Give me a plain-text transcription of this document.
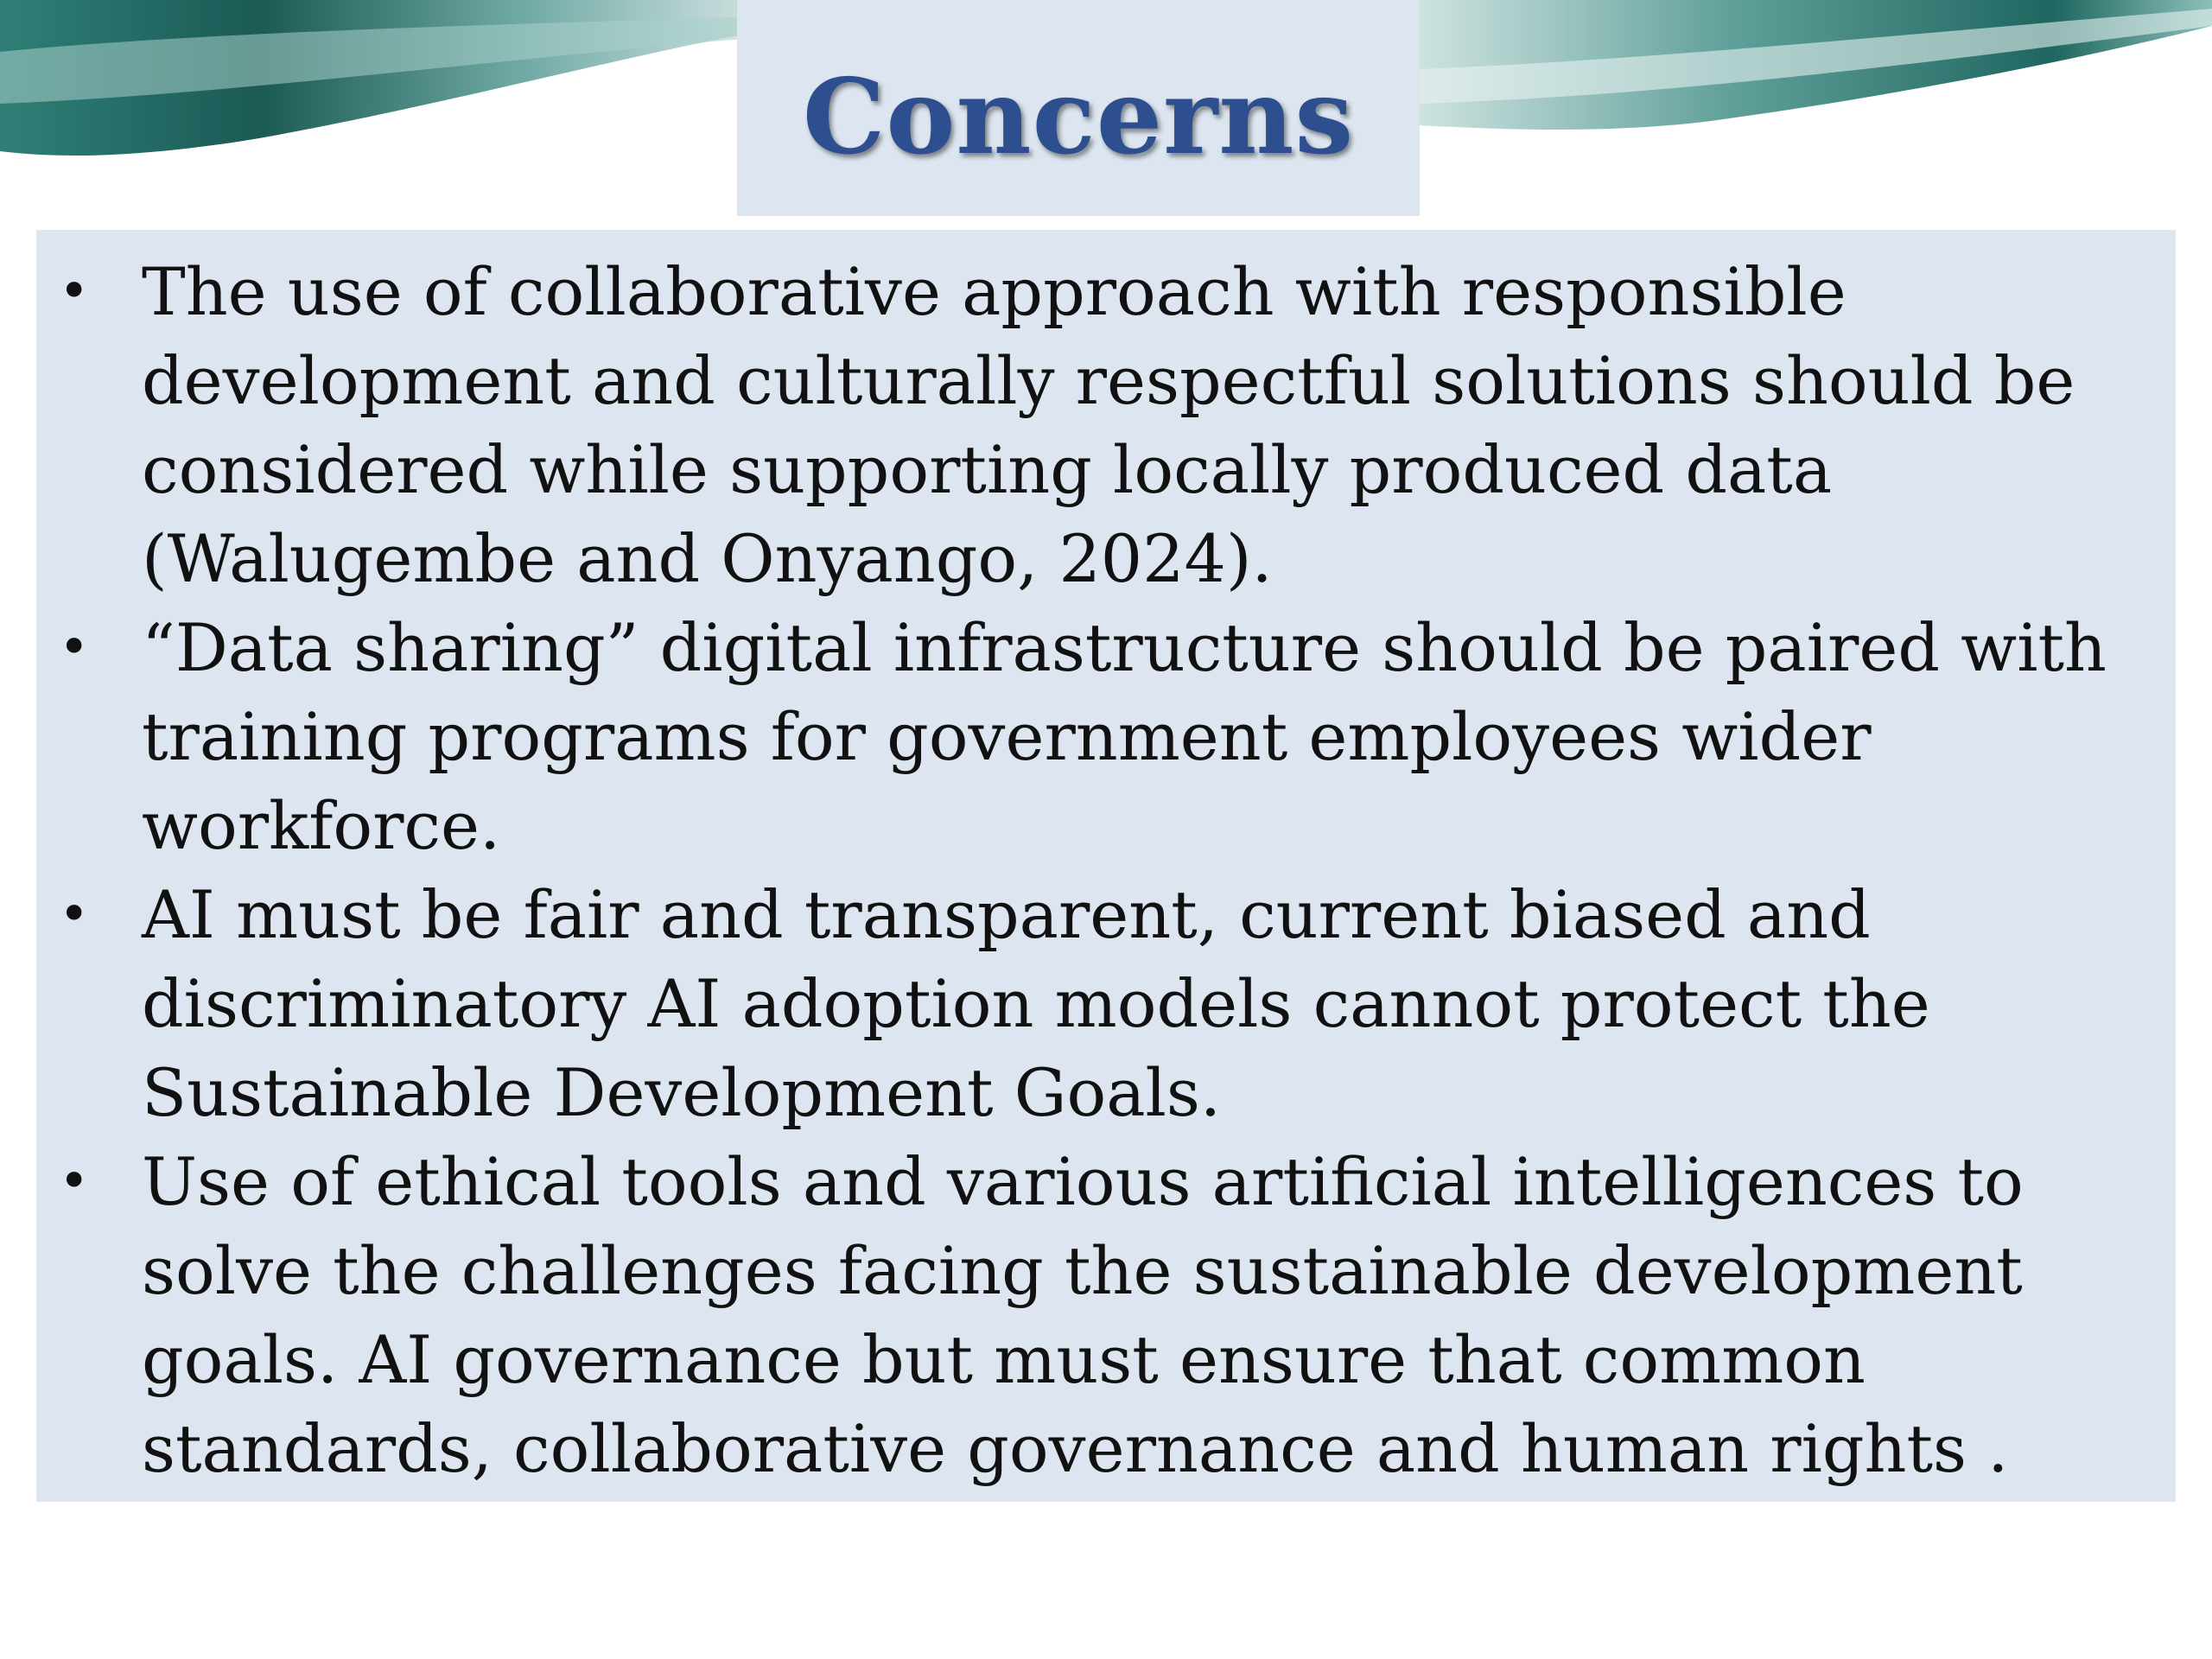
Concerns
• The use of collaborative approach with responsible development and culturally respectful solutions should be considered while supporting locally produced data (Walugembe and Onyango, 2024).
• “Data sharing” digital infrastructure should be paired with training programs for government employees wider workforce.
• AI must be fair and transparent, current biased and discriminatory AI adoption models cannot protect the Sustainable Development Goals.
• Use of ethical tools and various artificial intelligences to solve the challenges facing the sustainable development goals. AI governance but must ensure that common standards, collaborative governance and human rights .
